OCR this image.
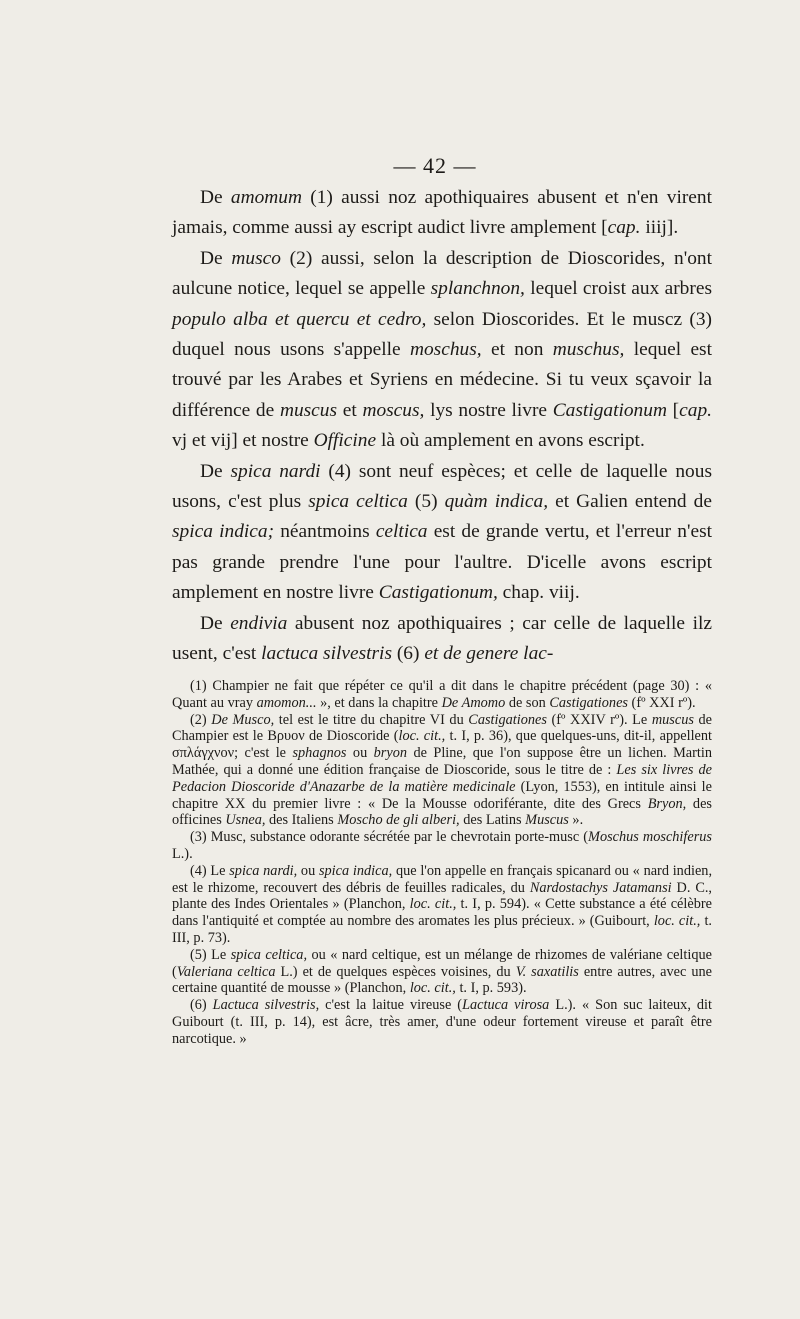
— 42 —

De amomum (1) aussi noz apothiquaires abusent et n'en virent jamais, comme aussi ay escript audict livre amplement [cap. iiij].

De musco (2) aussi, selon la description de Dioscorides, n'ont aulcune notice, lequel se appelle splanchnon, lequel croist aux arbres populo alba et quercu et cedro, selon Dioscorides. Et le muscz (3) duquel nous usons s'appelle moschus, et non muschus, lequel est trouvé par les Arabes et Syriens en médecine. Si tu veux sçavoir la différence de muscus et moscus, lys nostre livre Castigationum [cap. vj et vij] et nostre Officine là où amplement en avons escript.

De spica nardi (4) sont neuf espèces; et celle de laquelle nous usons, c'est plus spica celtica (5) quàm indica, et Galien entend de spica indica; néantmoins celtica est de grande vertu, et l'erreur n'est pas grande prendre l'une pour l'aultre. D'icelle avons escript amplement en nostre livre Castigationum, chap. viij.

De endivia abusent noz apothiquaires ; car celle de laquelle ilz usent, c'est lactuca silvestris (6) et de genere lac-

(1) Champier ne fait que répéter ce qu'il a dit dans le chapitre précédent (page 30) : « Quant au vray amomon... », et dans la chapitre De Amomo de son Castigationes (fº XXI rº).

(2) De Musco, tel est le titre du chapitre VI du Castigationes (fº XXIV rº). Le muscus de Champier est le Βρυον de Dioscoride (loc. cit., t. I, p. 36), que quelques-uns, dit-il, appellent σπλάγχνον; c'est le sphagnos ou bryon de Pline, que l'on suppose être un lichen. Martin Mathée, qui a donné une édition française de Dioscoride, sous le titre de : Les six livres de Pedacion Dioscoride d'Anazarbe de la matière medicinale (Lyon, 1553), en intitule ainsi le chapitre XX du premier livre : « De la Mousse odoriférante, dite des Grecs Bryon, des officines Usnea, des Italiens Moscho de gli alberi, des Latins Muscus ».

(3) Musc, substance odorante sécrétée par le chevrotain porte-musc (Moschus moschiferus L.).

(4) Le spica nardi, ou spica indica, que l'on appelle en français spicanard ou « nard indien, est le rhizome, recouvert des débris de feuilles radicales, du Nardostachys Jatamansi D. C., plante des Indes Orientales » (Planchon, loc. cit., t. I, p. 594). « Cette substance a été célèbre dans l'antiquité et comptée au nombre des aromates les plus précieux. » (Guibourt, loc. cit., t. III, p. 73).

(5) Le spica celtica, ou « nard celtique, est un mélange de rhizomes de valériane celtique (Valeriana celtica L.) et de quelques espèces voisines, du V. saxatilis entre autres, avec une certaine quantité de mousse » (Planchon, loc. cit., t. I, p. 593).

(6) Lactuca silvestris, c'est la laitue vireuse (Lactuca virosa L.). « Son suc laiteux, dit Guibourt (t. III, p. 14), est âcre, très amer, d'une odeur fortement vireuse et paraît être narcotique. »
